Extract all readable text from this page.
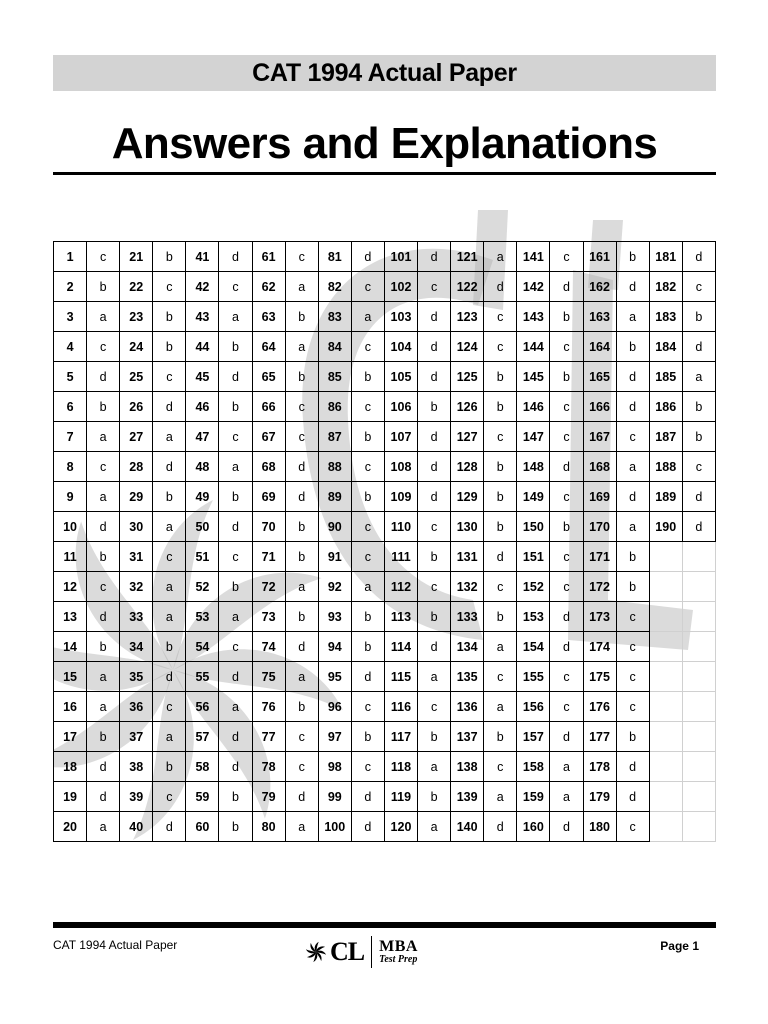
CAT 1994 Actual Paper
Answers and Explanations
1	c	21	b	41	d	61	c	81	d	101	d	121	a	141	c	161	b	181	d
2	b	22	c	42	c	62	a	82	c	102	c	122	d	142	d	162	d	182	c
3	a	23	b	43	a	63	b	83	a	103	d	123	c	143	b	163	a	183	b
4	c	24	b	44	b	64	a	84	c	104	d	124	c	144	c	164	b	184	d
5	d	25	c	45	d	65	b	85	b	105	d	125	b	145	b	165	d	185	a
6	b	26	d	46	b	66	c	86	c	106	b	126	b	146	c	166	d	186	b
7	a	27	a	47	c	67	c	87	b	107	d	127	c	147	c	167	c	187	b
8	c	28	d	48	a	68	d	88	c	108	d	128	b	148	d	168	a	188	c
9	a	29	b	49	b	69	d	89	b	109	d	129	b	149	c	169	d	189	d
10	d	30	a	50	d	70	b	90	c	110	c	130	b	150	b	170	a	190	d
11	b	31	c	51	c	71	b	91	c	111	b	131	d	151	c	171	b		
12	c	32	a	52	b	72	a	92	a	112	c	132	c	152	c	172	b		
13	d	33	a	53	a	73	b	93	b	113	b	133	b	153	d	173	c		
14	b	34	b	54	c	74	d	94	b	114	d	134	a	154	d	174	c		
15	a	35	d	55	d	75	a	95	d	115	a	135	c	155	c	175	c		
16	a	36	c	56	a	76	b	96	c	116	c	136	a	156	c	176	c		
17	b	37	a	57	d	77	c	97	b	117	b	137	b	157	d	177	b		
18	d	38	b	58	d	78	c	98	c	118	a	138	c	158	a	178	d		
19	d	39	c	59	b	79	d	99	d	119	b	139	a	159	a	179	d		
20	a	40	d	60	b	80	a	100	d	120	a	140	d	160	d	180	c		
CAT 1994 Actual Paper	CL MBA
Test Prep
Page 1
